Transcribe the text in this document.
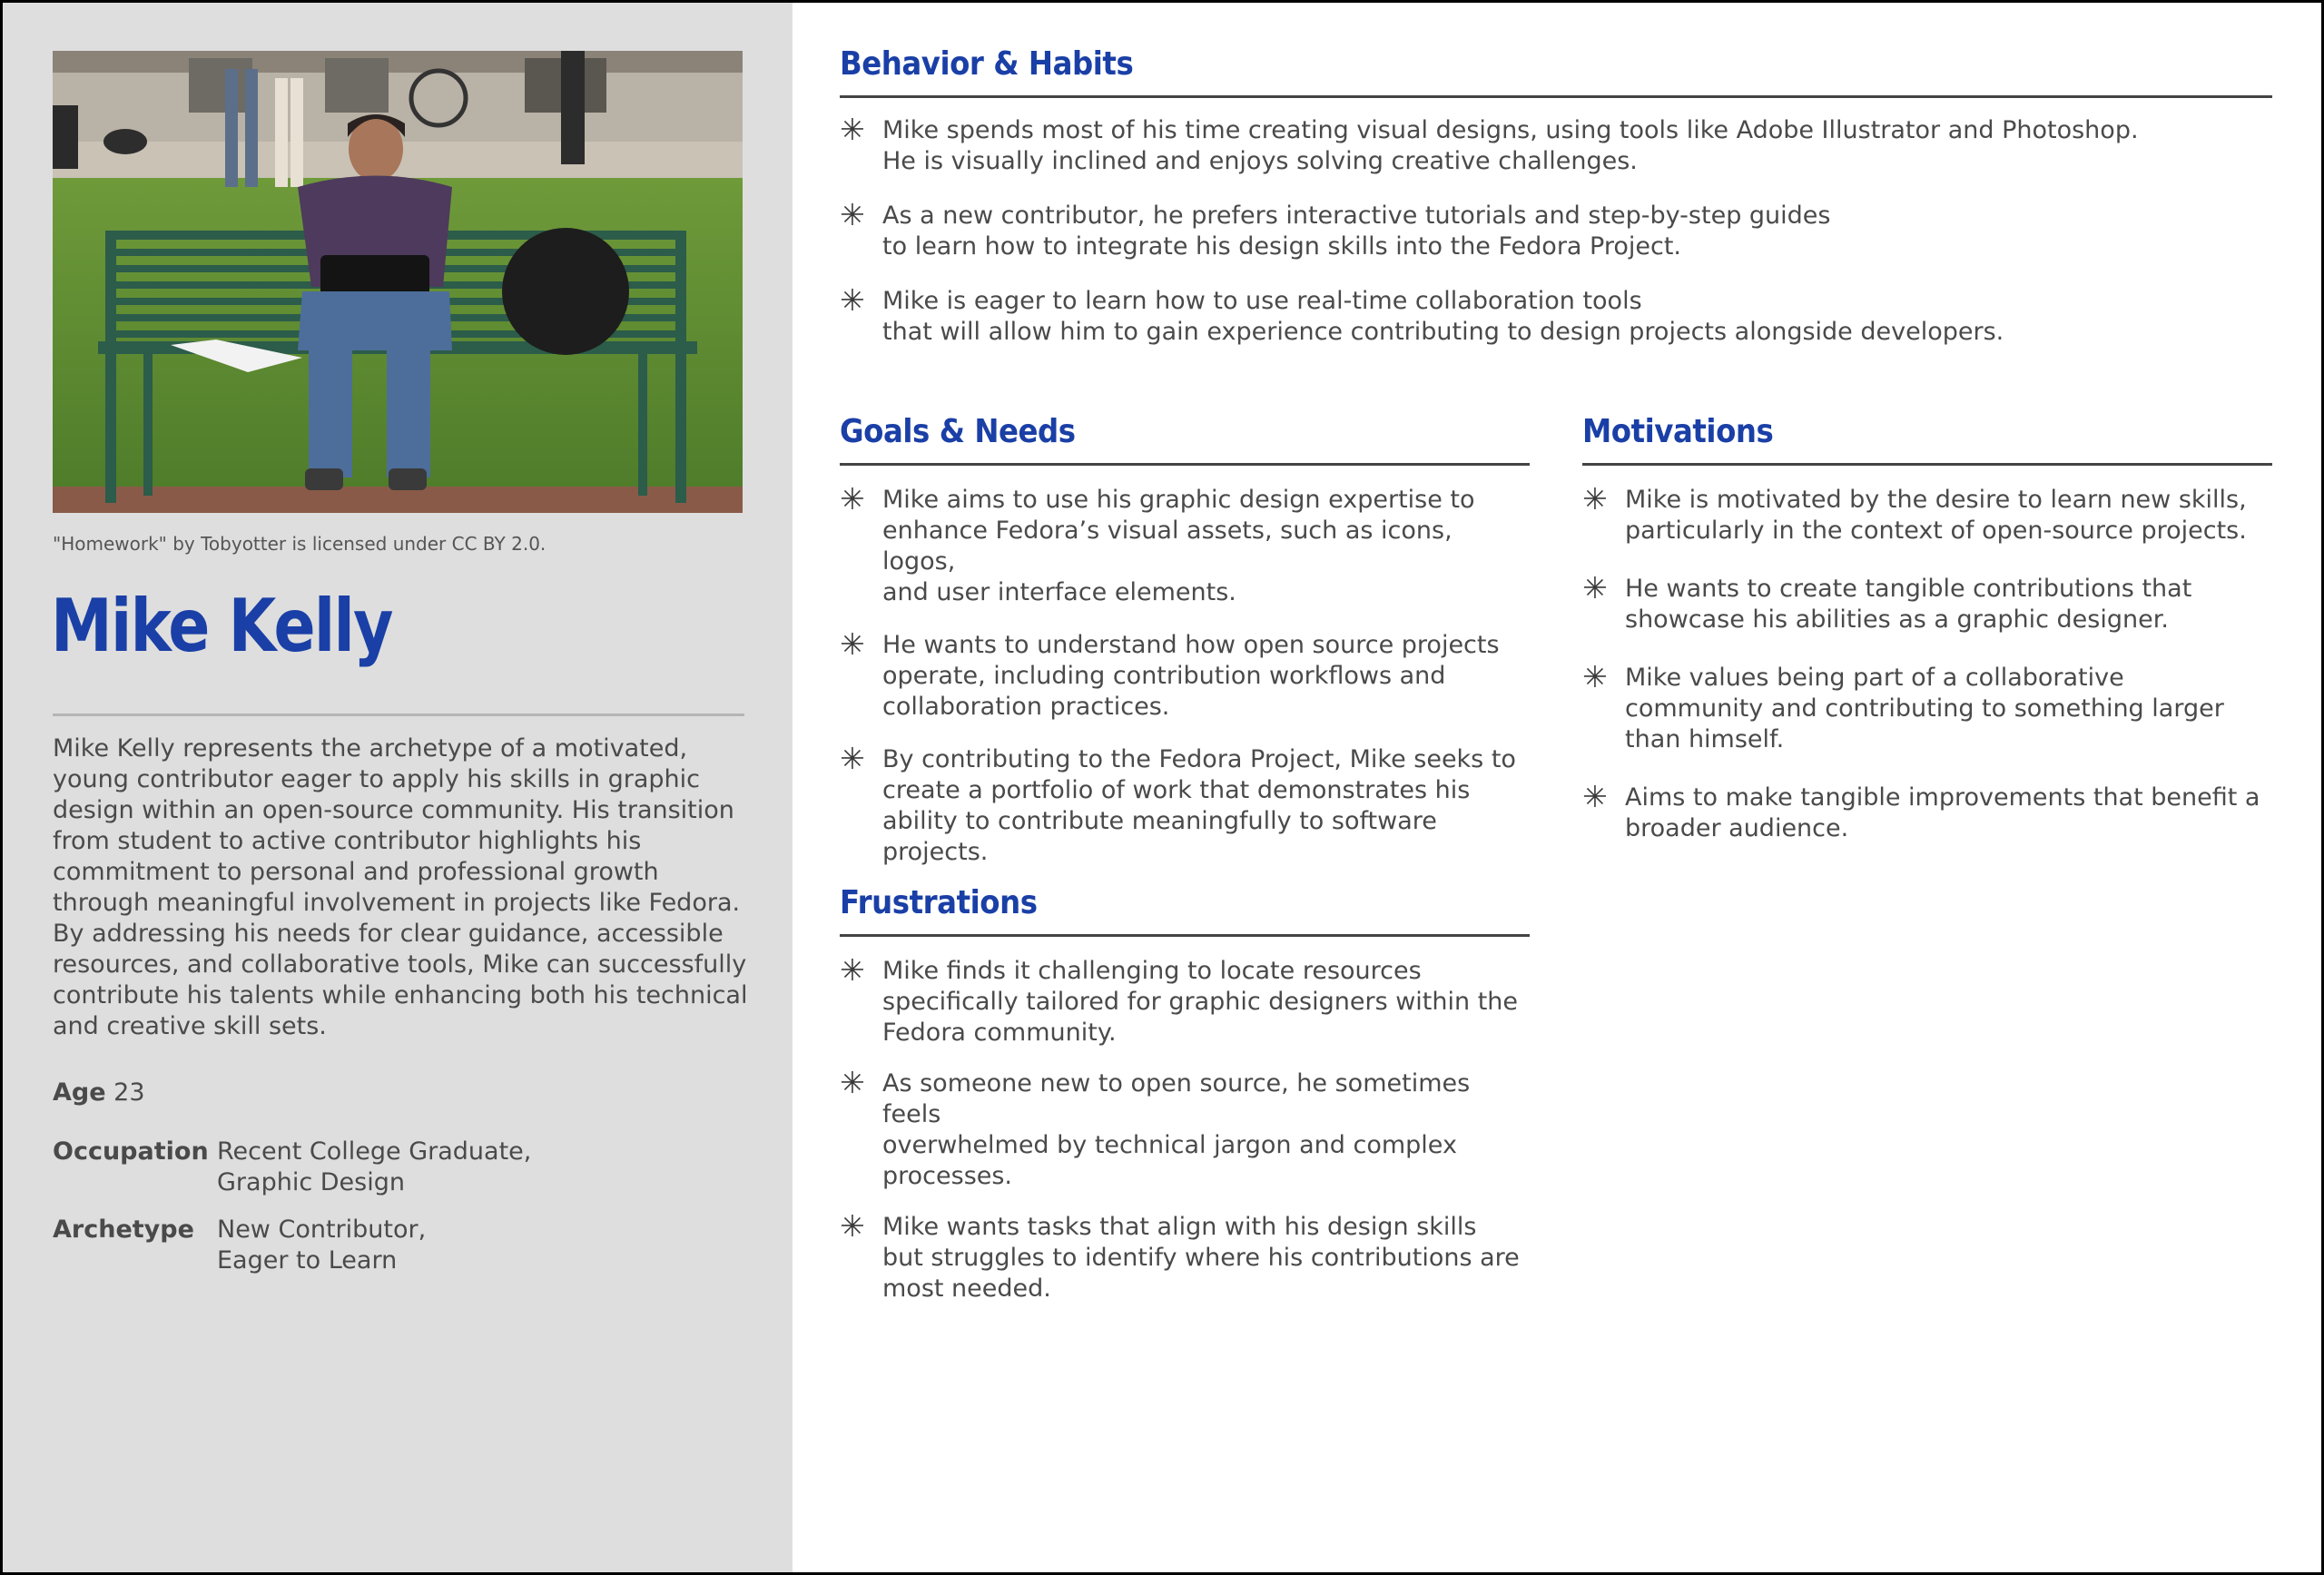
"Homework" by Tobyotter is licensed under CC BY 2.0.
Mike Kelly

Mike Kelly represents the archetype of a motivated, young contributor eager to apply his skills in graphic design within an open-source community. His transition from student to active contributor highlights his commitment to personal and professional growth through meaningful involvement in projects like Fedora. By addressing his needs for clear guidance, accessible resources, and collaborative tools, Mike can successfully contribute his talents while enhancing both his technical and creative skill sets.

Age 23
Occupation Recent College Graduate,
Graphic Design
Archetype New Contributor,
Eager to Learn
Behavior & Habits
✳ Mike spends most of his time creating visual designs, using tools like Adobe Illustrator and Photoshop.
He is visually inclined and enjoys solving creative challenges.
✳ As a new contributor, he prefers interactive tutorials and step-by-step guides
to learn how to integrate his design skills into the Fedora Project.
✳ Mike is eager to learn how to use real-time collaboration tools
that will allow him to gain experience contributing to design projects alongside developers.
Goals & Needs
✳ Mike aims to use his graphic design expertise to
enhance Fedora’s visual assets, such as icons, logos,
and user interface elements.
✳ He wants to understand how open source projects
operate, including contribution workflows and
collaboration practices.
✳ By contributing to the Fedora Project, Mike seeks to
create a portfolio of work that demonstrates his
ability to contribute meaningfully to software
projects.
Motivations
✳ Mike is motivated by the desire to learn new skills,
particularly in the context of open-source projects.
✳ He wants to create tangible contributions that
showcase his abilities as a graphic designer.
✳ Mike values being part of a collaborative
community and contributing to something larger
than himself.
✳ Aims to make tangible improvements that benefit a
broader audience.
Frustrations
✳ Mike finds it challenging to locate resources
specifically tailored for graphic designers within the
Fedora community.
✳ As someone new to open source, he sometimes feels
overwhelmed by technical jargon and complex
processes.
✳ Mike wants tasks that align with his design skills
but struggles to identify where his contributions are
most needed.
